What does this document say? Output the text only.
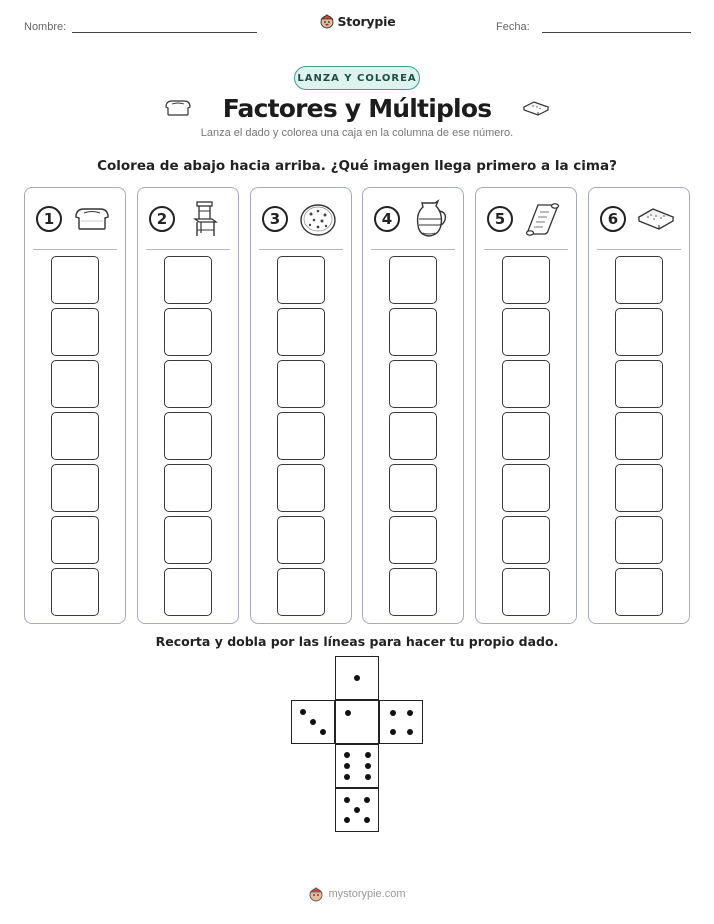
Nombre:	Storypie	Fecha:
LANZA Y COLOREA
Factores y Múltiplos
Lanza el dado y colorea una caja en la columna de ese número.
Colorea de abajo hacia arriba. ¿Qué imagen llega primero a la cima?
1	2	3	4	5	6
Recorta y dobla por las líneas para hacer tu propio dado.
mystorypie.com
